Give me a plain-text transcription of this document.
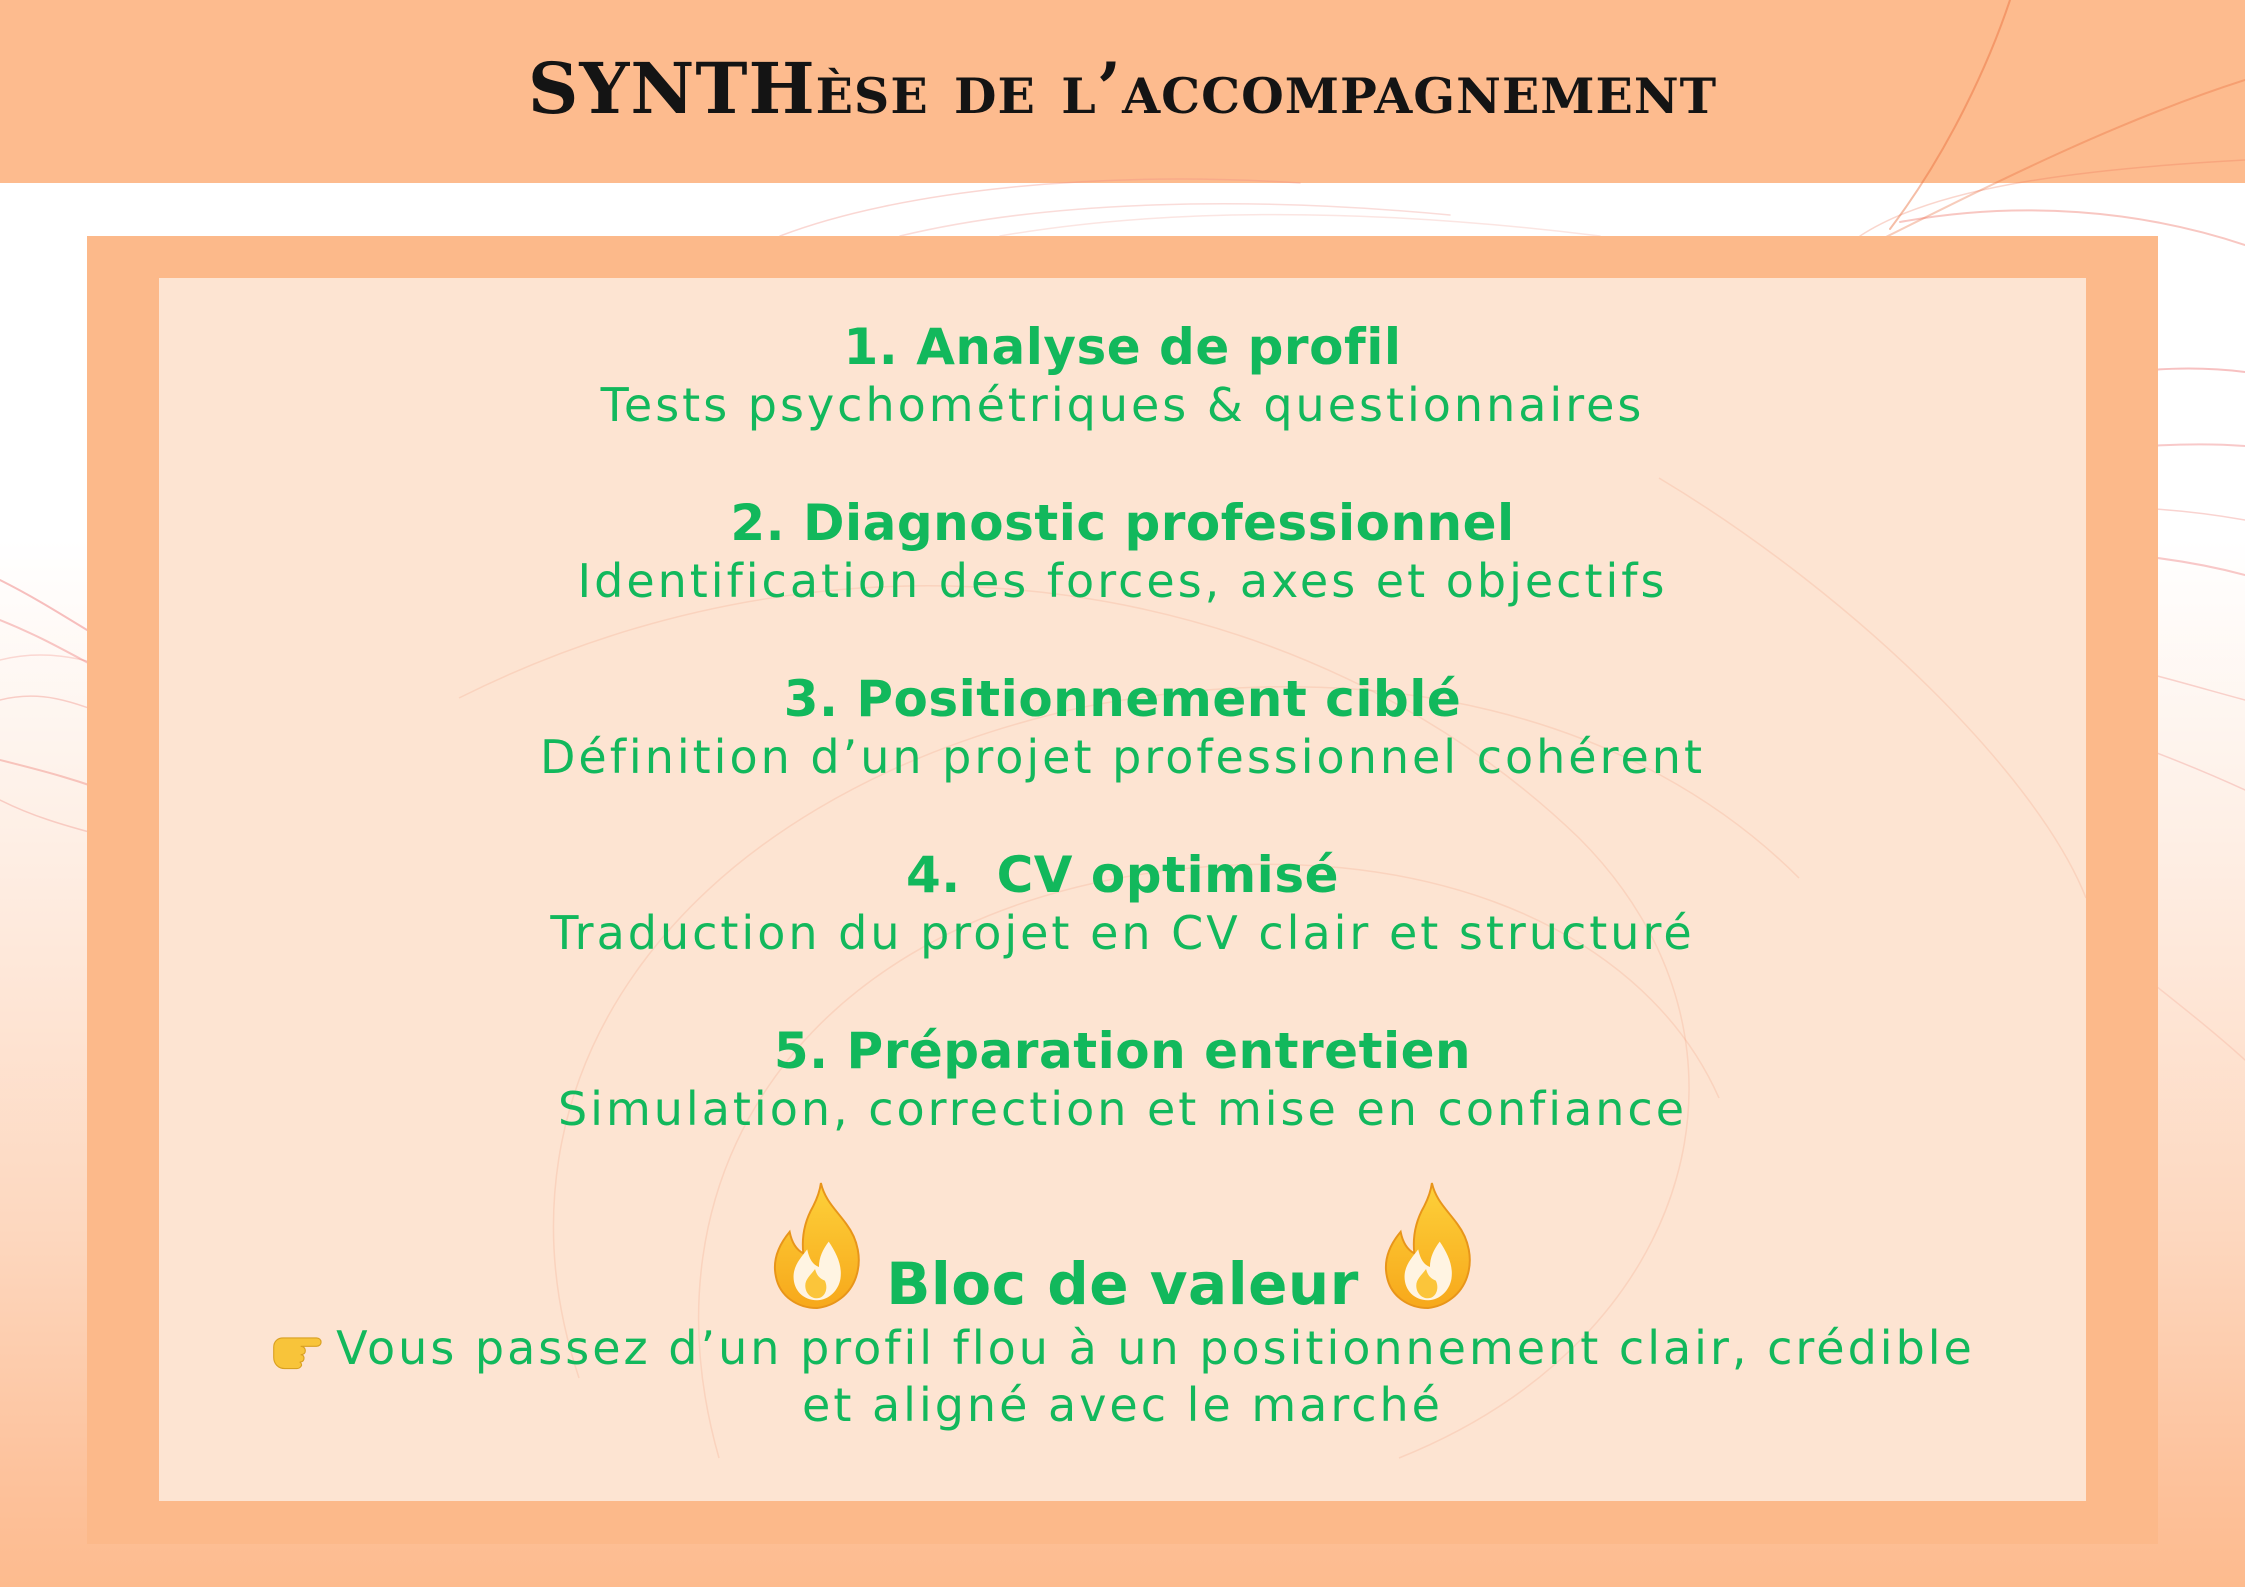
SYNTHèse de l’accompagnement
1. Analyse de profil

Tests psychométriques & questionnaires

2. Diagnostic professionnel

Identification des forces, axes et objectifs

3. Positionnement ciblé

Définition d’un projet professionnel cohérent

4.  CV optimisé

Traduction du projet en CV clair et structuré

5. Préparation entretien

Simulation, correction et mise en confiance

Bloc de valeur
Vous passez d’un profil flou à un positionnement clair, crédible
et aligné avec le marché
